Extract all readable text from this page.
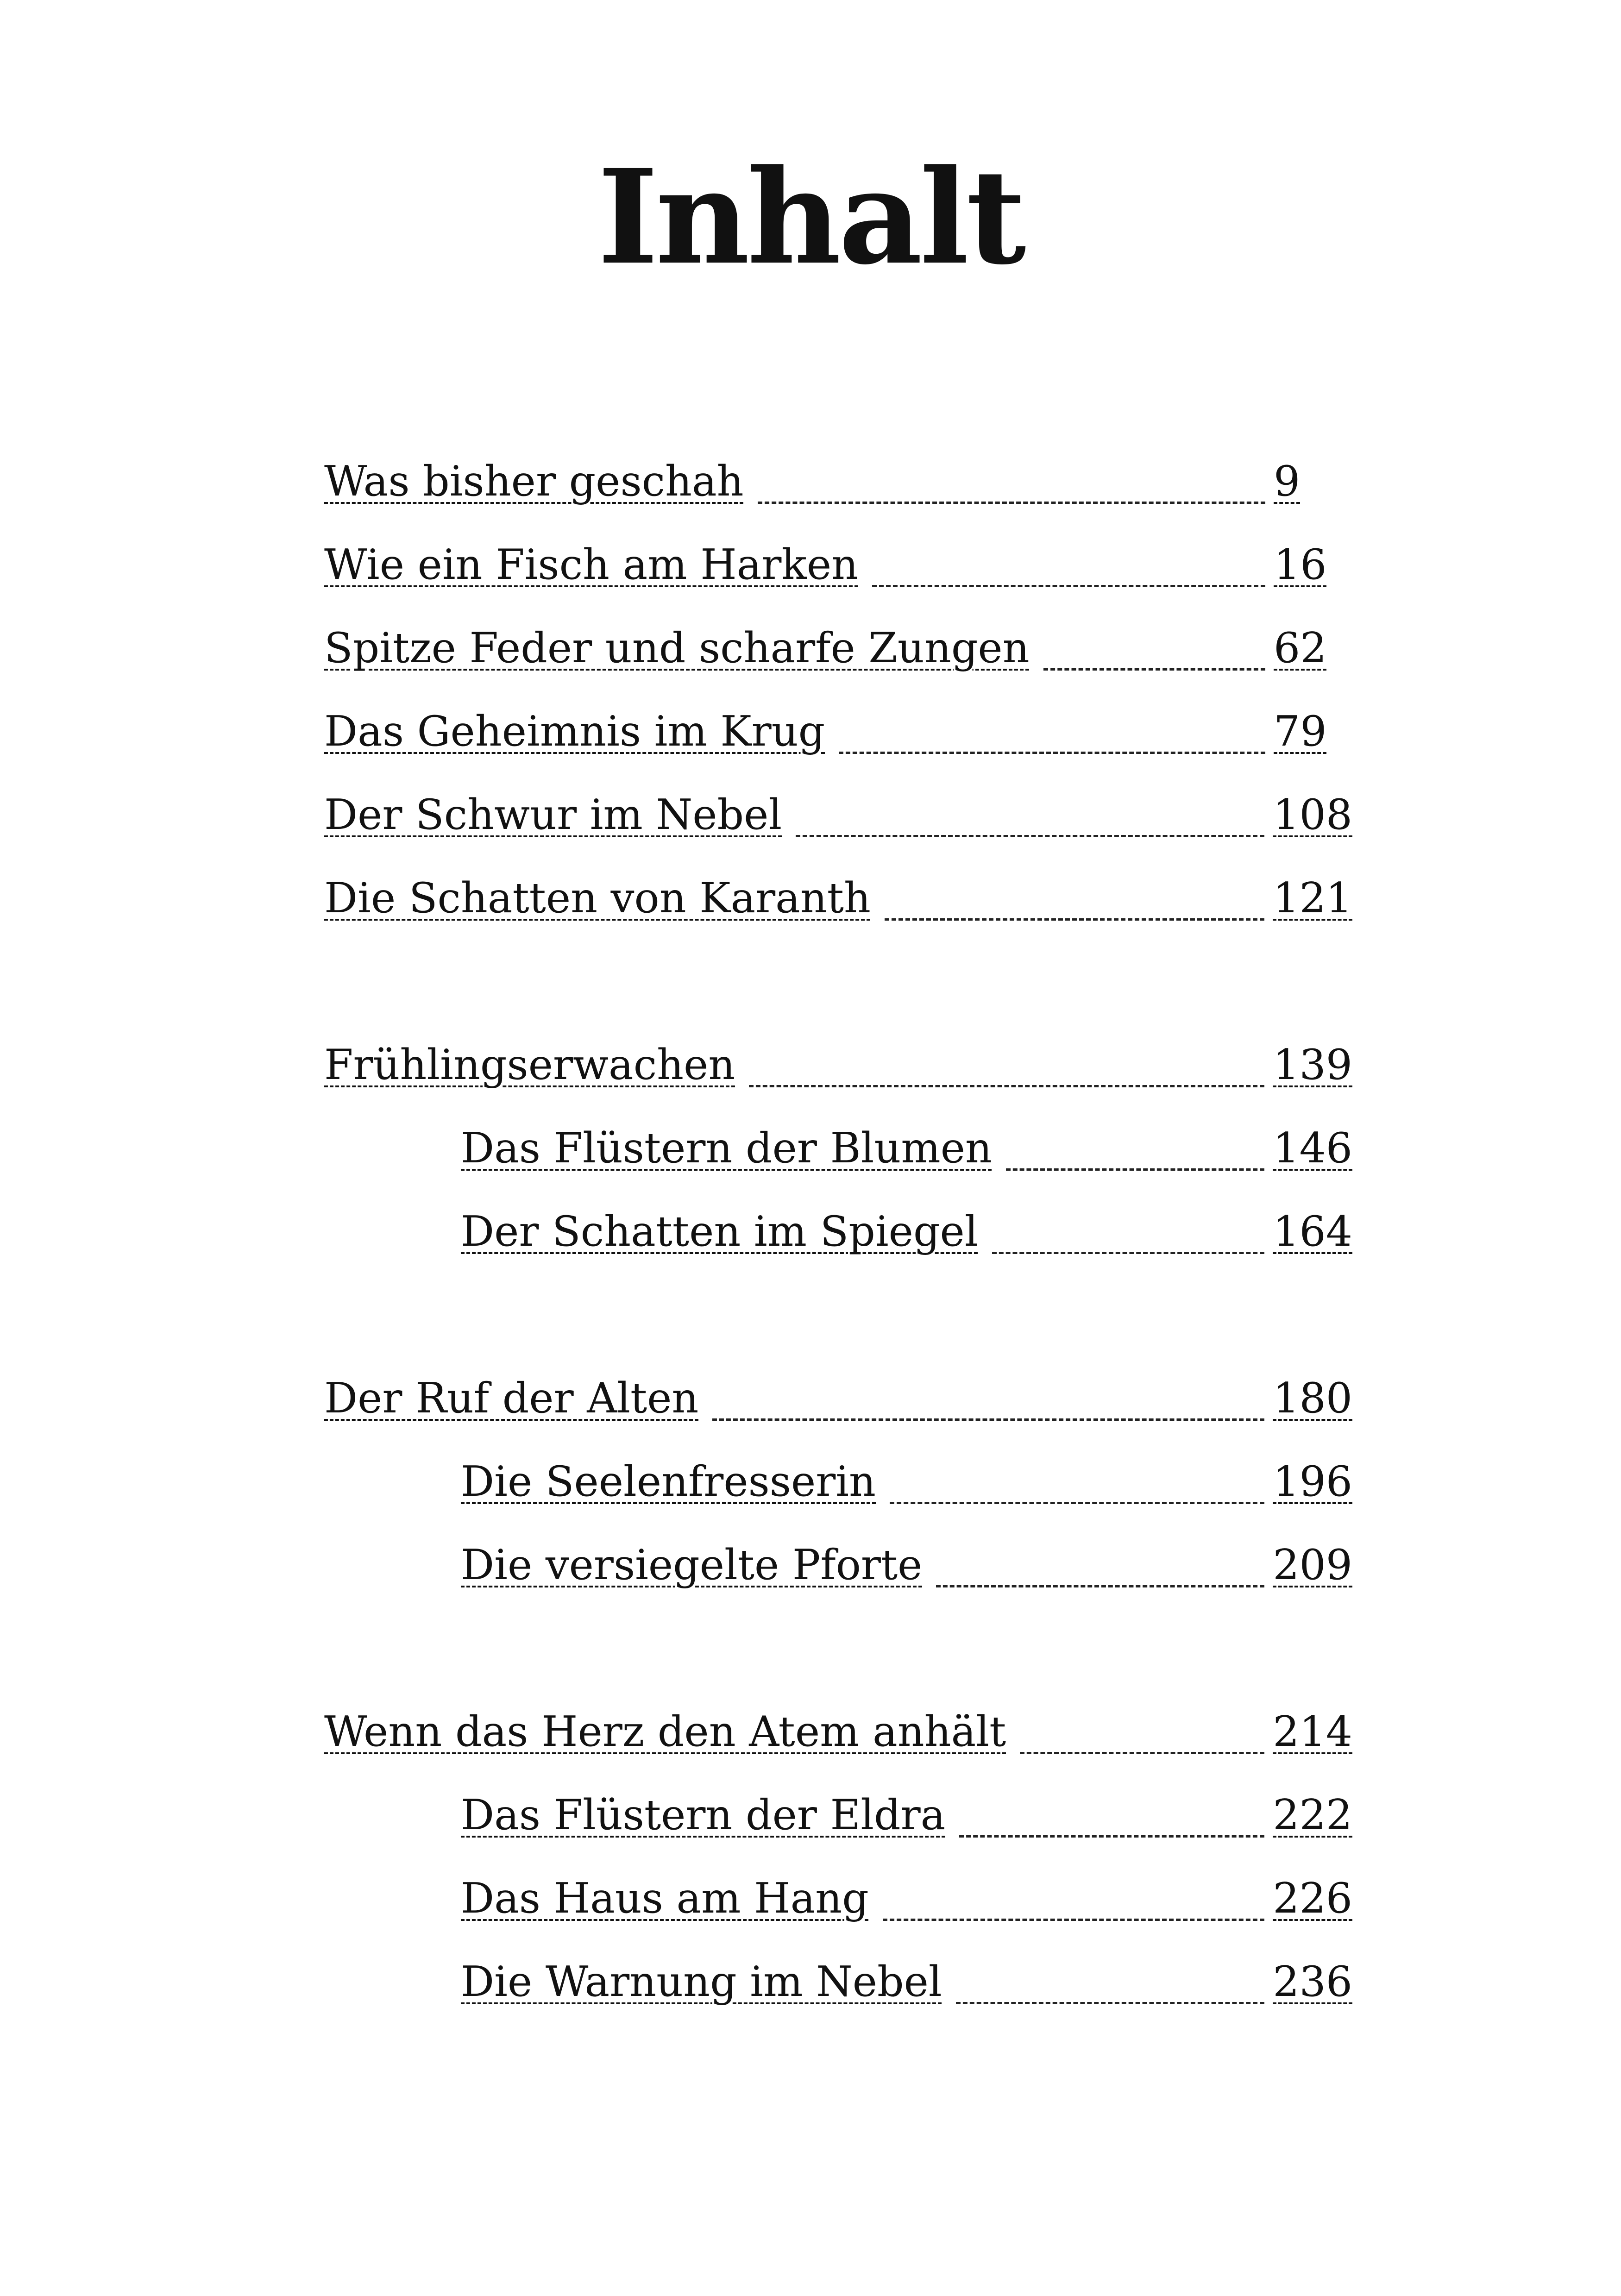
Inhalt
Was bisher geschah	9
Wie ein Fisch am Harken	16
Spitze Feder und scharfe Zungen	62
Das Geheimnis im Krug	79
Der Schwur im Nebel	108
Die Schatten von Karanth	121
Frühlingserwachen	139
Das Flüstern der Blumen	146
Der Schatten im Spiegel	164
Der Ruf der Alten	180
Die Seelenfresserin	196
Die versiegelte Pforte	209
Wenn das Herz den Atem anhält	214
Das Flüstern der Eldra	222
Das Haus am Hang	226
Die Warnung im Nebel	236
